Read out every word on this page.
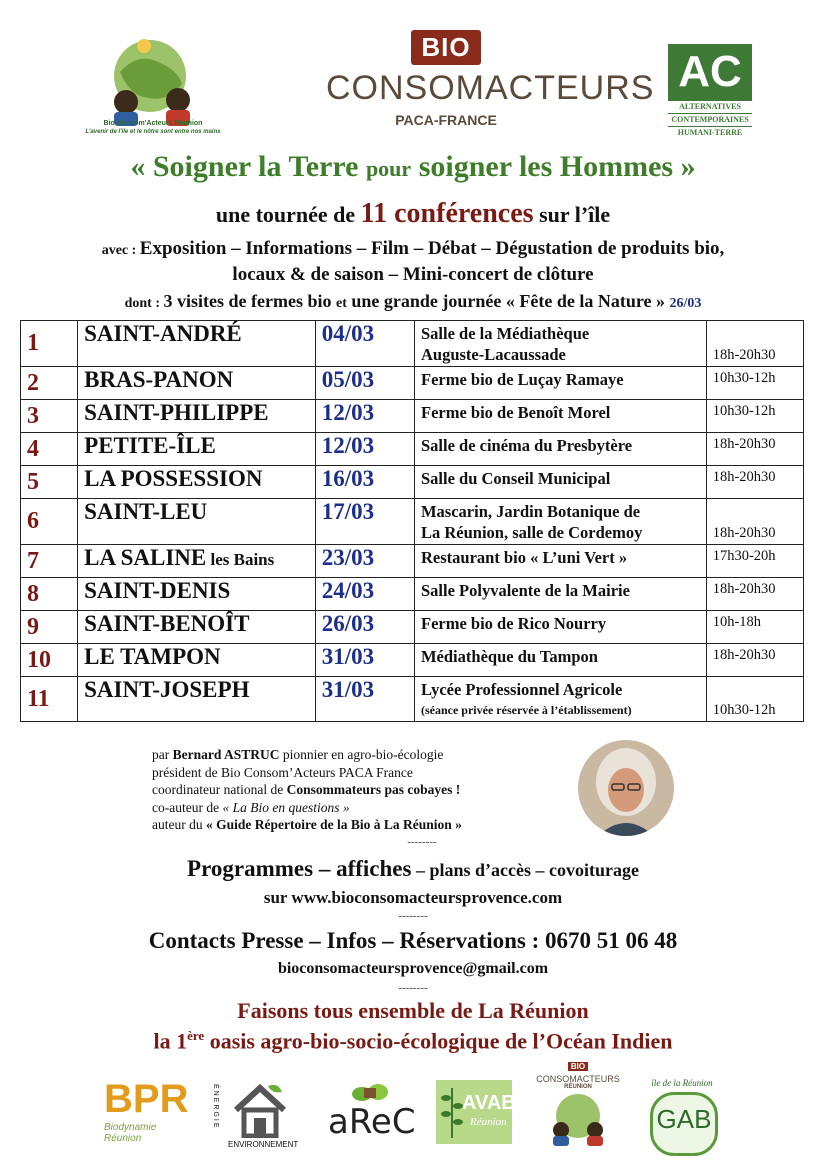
Bio Consom'Acteurs Réunion
L'avenir de l'île et le nôtre sont entre nos mains
BIO
CONSOMACTEURS
PACA-FRANCE
AC
ALTERNATIVES
CONTEMPORAINES
HUMANI-TERRE
« Soigner la Terre pour soigner les Hommes »
une tournée de 11 conférences sur l’île
avec : Exposition – Informations – Film – Débat – Dégustation de produits bio,
locaux & de saison – Mini-concert de clôture
dont : 3 visites de fermes bio et une grande journée « Fête de la Nature » 26/03
1	SAINT-ANDRÉ	04/03	Salle de la Médiathèque
Auguste-Lacaussade	18h-20h30
2	BRAS-PANON	05/03	Ferme bio de Luçay Ramaye	10h30-12h
3	SAINT-PHILIPPE	12/03	Ferme bio de Benoît Morel	10h30-12h
4	PETITE-ÎLE	12/03	Salle de cinéma du Presbytère	18h-20h30
5	LA POSSESSION	16/03	Salle du Conseil Municipal	18h-20h30
6	SAINT-LEU	17/03	Mascarin, Jardin Botanique de
La Réunion, salle de Cordemoy	18h-20h30
7	LA SALINE les Bains	23/03	Restaurant bio « L’uni Vert »	17h30-20h
8	SAINT-DENIS	24/03	Salle Polyvalente de la Mairie	18h-20h30
9	SAINT-BENOÎT	26/03	Ferme bio de Rico Nourry	10h-18h
10	LE TAMPON	31/03	Médiathèque du Tampon	18h-20h30
11	SAINT-JOSEPH	31/03	Lycée Professionnel Agricole
(séance privée réservée à l’établissement)	10h30-12h
par Bernard ASTRUC pionnier en agro-bio-écologie
président de Bio Consom’Acteurs PACA France
coordinateur national de Consommateurs pas cobayes !
co-auteur de « La Bio en questions »
auteur du « Guide Répertoire de la Bio à La Réunion »
--------
Programmes – affiches – plans d’accès – covoiturage
sur www.bioconsomacteursprovence.com
--------
Contacts Presse – Infos – Réservations : 0670 51 06 48
bioconsomacteursprovence@gmail.com
--------
Faisons tous ensemble de La Réunion
la 1ère oasis agro-bio-socio-écologique de l’Océan Indien
BPR
Biodynamie Réunion
ÉNERGIE
ENVIRONNEMENT
aReC AVAB
Réunion
BIO
CONSOMACTEURS
RÉUNION	île de la Réunion
GAB
